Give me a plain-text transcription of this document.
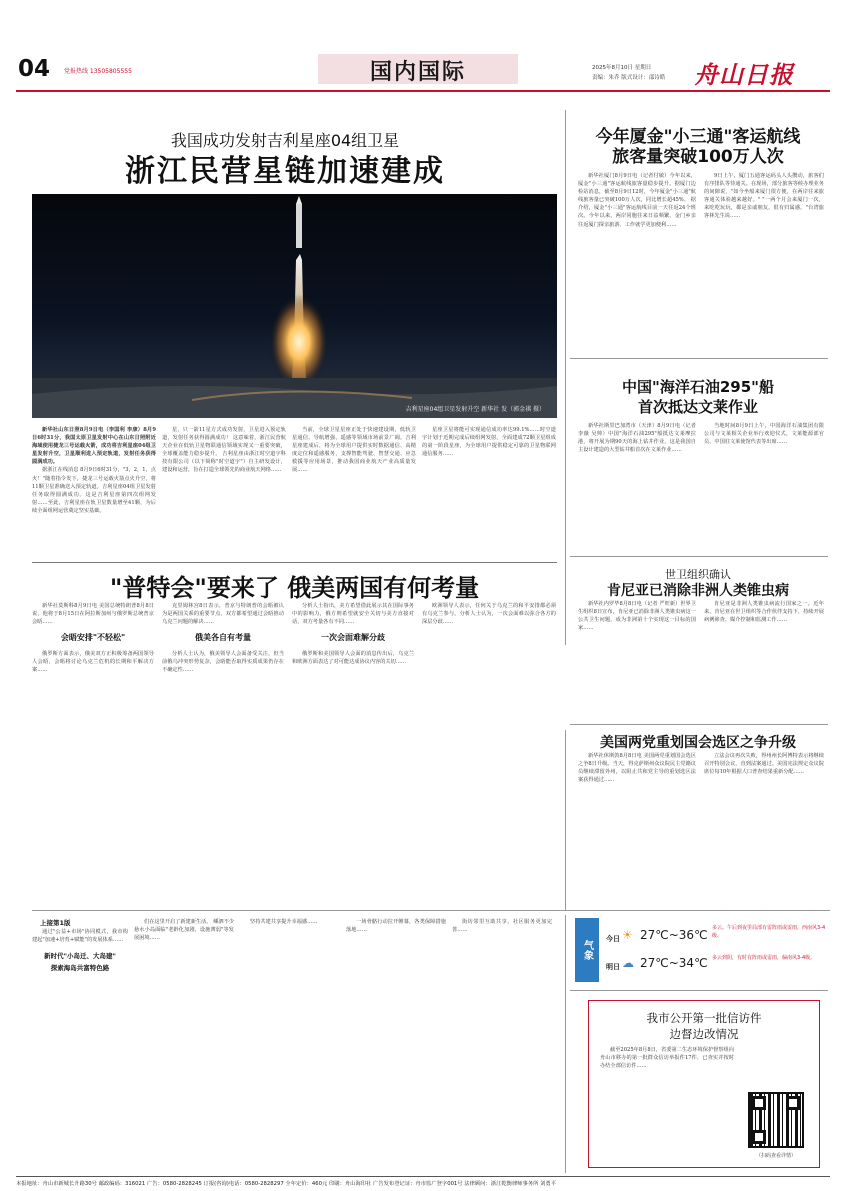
04 党报热线 13505805555	国内国际	2025年8月10日 星期日
责编：朱乔 版式设计：邵诗皓 舟山日报
我国成功发射吉利星座04组卫星
浙江民营星链加速建成
吉利星座04组卫星发射升空 新华社 发（郭金祺 摄）

新华社山东日照8月9日电（李国利 李康）8月9日6时31分，我国太原卫星发射中心在山东日照附近海域使用捷龙三号运载火箭，成功将吉利星座04组卫星发射升空，卫星顺利进入预定轨道，发射任务获得圆满成功。

据浙江在线消息 8月9日6时31分，"3，2，1，点火！"随着指令发下，捷龙三号运载火箭点火升空，将11颗卫星准确送入预定轨道。吉利星座04组卫星发射任务取得圆满成功。这是吉利星座第四次组网发射……至此，吉利星座在轨卫星数量增至41颗，为后续全面组网运营奠定坚实基础。

星，只一箭11星方式成功发射，卫星进入预定轨道，发射任务获得圆满成功！ 这意味着，浙江民营航天企业在低轨卫星物联通信领域实现又一重要突破，全球覆盖能力稳步提升。 吉利星座由浙江时空道宇科技有限公司（以下简称"时空道宇"）自主研发设计，建设和运营，旨在打造全球领先的商业航天网络……

当前，全球卫星星座正处于快速建设期，低轨卫星通信、导航增强、遥感等领域市场前景广阔。吉利星座建成后，将为全球用户提供实时数据通信、高精度定位和遥感服务，支撑智能驾驶、智慧交通、应急救援等应用场景，推动我国商业航天产业高质量发展……

星座卫星将能可实现通信成功率达99.1%……时空道宇计划于近期完成后续组网发射，全面建成72颗卫星组成的第一阶段星座，为全球用户提供稳定可靠的卫星物联网通信服务……

今年厦金"小三通"客运航线
旅客量突破100万人次

新华社厦门8月9日电（记者付敏）今年以来，厦金"小三通"客运航线旅客量稳步提升。据厦门边检站消息，截至8月9日12时，今年厦金"小三通"航线旅客量已突破100万人次，同比增长超45%。 据介绍，厦金"小三通"客运航线目前一天往返24个班次。今年以来，两岸同胞往来日益频繁，金门乡亲往返厦门探亲旅游、工作就学更加便利……

9日上午，厦门五通客运码头人头攒动，旅客们有序排队等待通关。在现场，部分旅客等候办理业务的间隙说，"如今坐船来厦门很方便，在两岸往来旅客通关体验越来越好。" "一两个月会来厦门一次，来吃吃玩玩，都是亲戚朋友，很有归属感。"台湾旅客林先生说……

中国"海洋石油295"船
首次抵达文莱作业

新华社斯里巴加湾市（天津）8月9日电（记者 李薇 吴帅）中国"海洋石油295"船抵达文莱摩拉港，将开展为期90天的海上钻井作业，这是我国自主设计建造的大型钻井船首次在文莱作业……

当地时间8月9日上午，中国海洋石油集团有限公司与文莱相关企业举行欢迎仪式，文莱能源部官员、中国驻文莱使馆代表等出席……

世卫组织确认
肯尼亚已消除非洲人类锥虫病

新华社内罗毕8月8日电（记者 严旺新）世界卫生组织8日宣布，肯尼亚已消除非洲人类锥虫病这一公共卫生问题，成为非洲第十个实现这一目标的国家……

肯尼亚是非洲人类锥虫病流行国家之一。近年来，肯尼亚在世卫组织等合作伙伴支持下，持续开展病例筛查、媒介控制和监测工作……

美国两党重划国会选区之争升级

新华社休斯敦8月8日电 美国两党重划国会选区之争8日升级。当天，得克萨斯州众议院民主党籍议员继续滞留外州，以阻止共和党主导的重划选区法案获得通过……

立法会议再次失败，得州州长阿博特表示将继续召开特别会议，直到法案通过。美国宪法规定众议院席位每10年根据人口普查结果重新分配……

"普特会"要来了 俄美两国有何考量

新华社莫斯科8月9日电 美国总统特朗普8月8日说，他将于8月15日在阿拉斯加州与俄罗斯总统普京会晤……

会晤安排"不轻松"

俄罗斯方面表示，俄美双方正积极筹备两国领导人会晤，会晤将讨论乌克兰危机的长期和平解决方案……

克里姆林宫8日表示，普京与特朗普的会晤被认为是两国关系的重要节点，双方都希望通过会晤推动乌克兰问题的解决……

俄美各自有考量

分析人士认为，俄美领导人会面备受关注，但当前俄乌冲突形势复杂，会晤能否取得实质成果仍存在不确定性……

分析人士指出，美方希望借此展示其在国际事务中的影响力，俄方则希望就安全关切与美方直接对话，双方考量各有不同……

一次会面难解分歧

俄罗斯和美国领导人会面的消息传出后，乌克兰和欧洲方面表达了对可能达成协议内容的关切……

欧洲领导人表示，任何关于乌克兰的和平安排都必须有乌克兰参与。分析人士认为，一次会面难以弥合各方的深层分歧……

上接第1版

通过"公益+市场"协同模式，我市构建起"加速+培育+赋能"的发展体系……

新时代"小岛迁、大岛建"
探索海岛共富特色路

们在这里开启了新建新生活。 嵊泗不少悬水小岛面临"老龄化加剧，设施薄弱"等发展困境……

坚持共建共享提升幸福感……	一场骨骼行动拉开帷幕，各类保障措施落地……

街坊邻里互助共享，社区服务更加完善……

气象
今日 ☀ 27℃~36℃ 多云。午后到夜里局部有雷阵雨或雷雨，西南风3-4级。
明日 ☁ 27℃~34℃ 多云到阴，有时有阵雨或雷雨，偏南风3-4级。
我市公开第一批信访件
边督边改情况

截至2025年8月8日，省委第二生态环境保护督察组向舟山市移办的第一批群众信访举报件17件，已查实并按时办结全部信访件……

（扫码查看详情）
本报地址：舟山市新城长升路30号 邮政编码：316021 广告：0580-2828245 订报(咨询)电话：0580-2828297 全年定价：460元 印刷：舟山海印社 广告发布登记证：舟市监广登字001号 法律顾问：浙江乾衡律师事务所 刘勇平
